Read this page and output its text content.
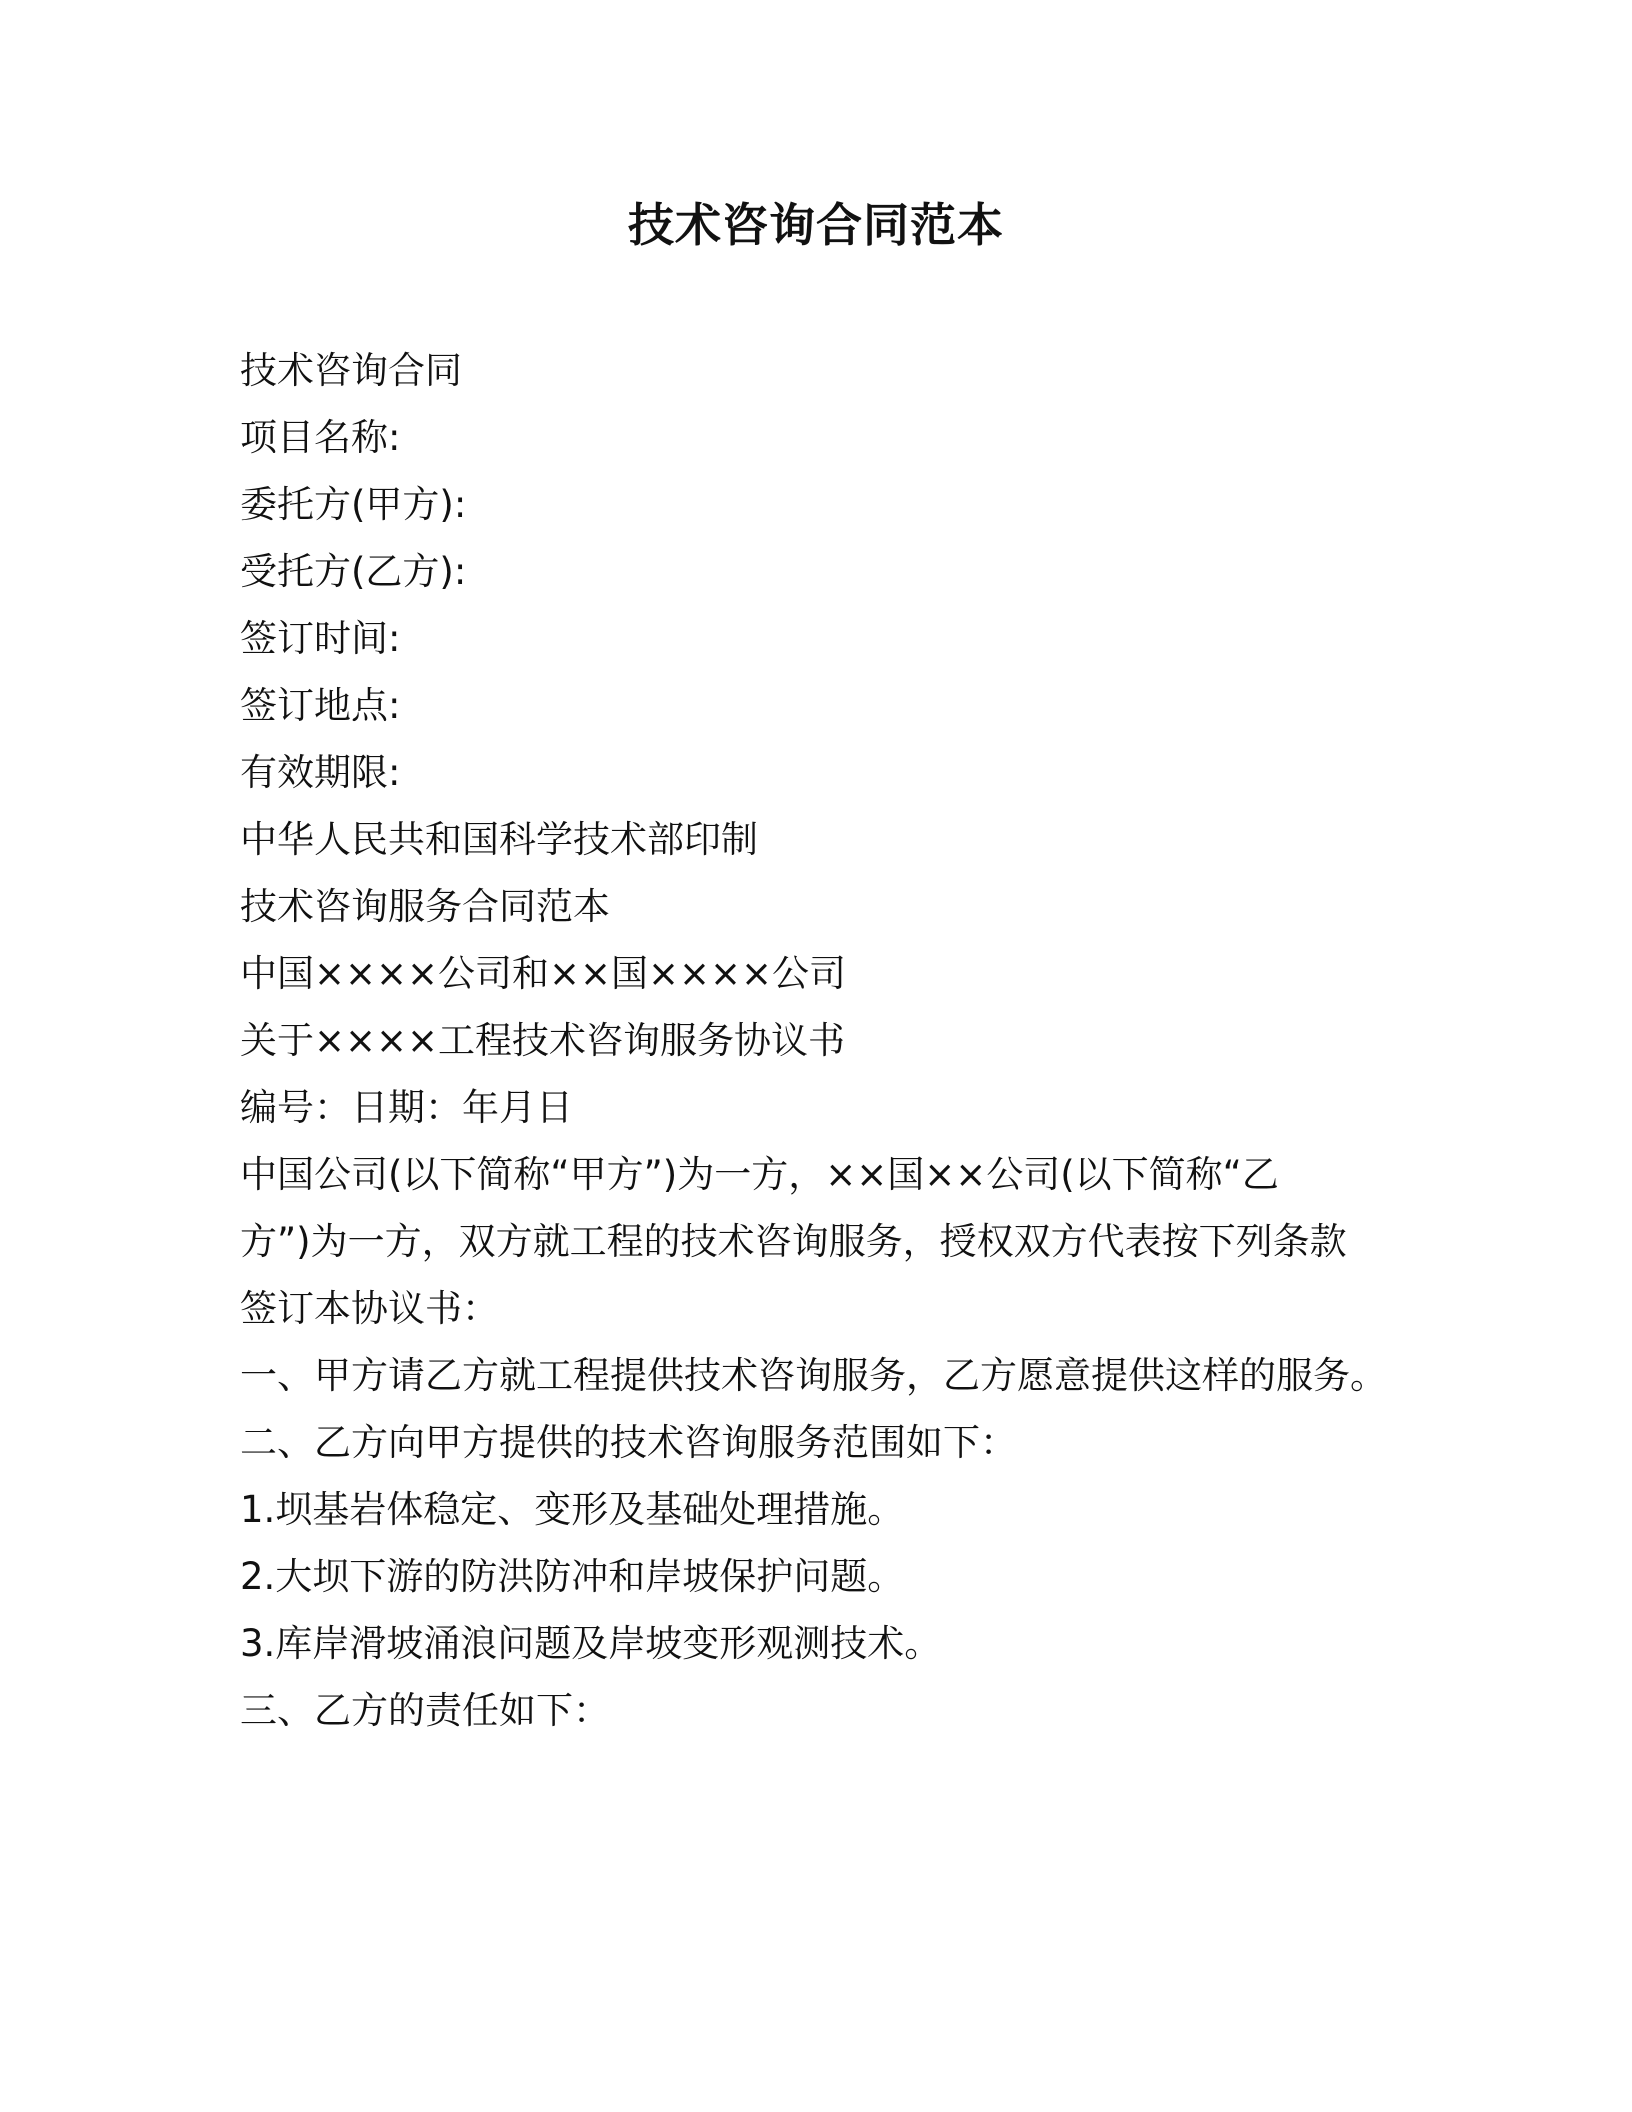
技术咨询合同范本
技术咨询合同
项目名称:
委托方(甲方):
受托方(乙方):
签订时间:
签订地点:
有效期限:
中华人民共和国科学技术部印制
技术咨询服务合同范本
中国××××公司和××国××××公司
关于××××工程技术咨询服务协议书
编号：日期：年月日
中国公司(以下简称“甲方”)为一方，××国××公司(以下简称“乙
方”)为一方，双方就工程的技术咨询服务，授权双方代表按下列条款
签订本协议书：
一、甲方请乙方就工程提供技术咨询服务，乙方愿意提供这样的服务。
二、乙方向甲方提供的技术咨询服务范围如下：
1.坝基岩体稳定、变形及基础处理措施。
2.大坝下游的防洪防冲和岸坡保护问题。
3.库岸滑坡涌浪问题及岸坡变形观测技术。
三、乙方的责任如下：
